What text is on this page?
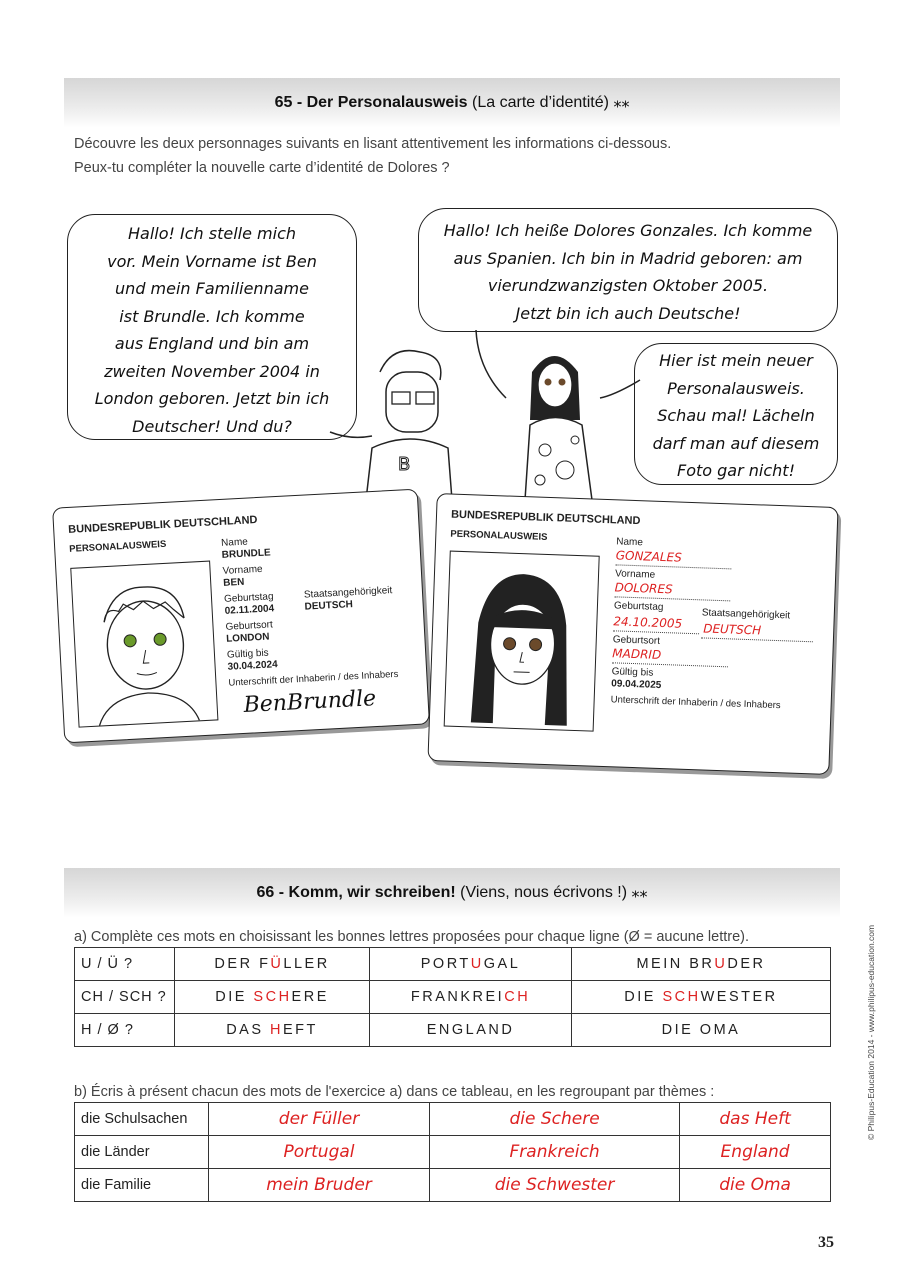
65 - Der Personalausweis (La carte d’identité) ⁎⁎
Découvre les deux personnages suivants en lisant attentivement les informations ci-dessous.
Peux-tu compléter la nouvelle carte d’identité de Dolores ?
Hallo! Ich stelle mich
vor. Mein Vorname ist Ben
und mein Familienname
ist Brundle. Ich komme
aus England und bin am
zweiten November 2004 in
London geboren. Jetzt bin ich
Deutscher! Und du?
Hallo! Ich heiße Dolores Gonzales. Ich komme
aus Spanien. Ich bin in Madrid geboren: am
vierundzwanzigsten Oktober 2005.
Jetzt bin ich auch Deutsche!
Hier ist mein neuer
Personalausweis.
Schau mal! Lächeln
darf man auf diesem
Foto gar nicht!
B
BUNDESREPUBLIK DEUTSCHLAND
PERSONALAUSWEIS	Name
BRUNDLE
Vorname
BEN
Geburtstag
02.11.2004
Staatsangehörigkeit
DEUTSCH
Geburtsort
LONDON
Gültig bis
30.04.2024
Unterschrift der Inhaberin / des Inhabers
BenBrundle
BUNDESREPUBLIK DEUTSCHLAND
PERSONALAUSWEIS	Name
GONZALES
Vorname
DOLORES
Geburtstag
24.10.2005 Staatsangehörigkeit
DEUTSCH
Geburtsort
MADRID
Gültig bis
09.04.2025
Unterschrift der Inhaberin / des Inhabers
66 - Komm, wir schreiben! (Viens, nous écrivons !) ⁎⁎
a) Complète ces mots en choisissant les bonnes lettres proposées pour chaque ligne (Ø = aucune lettre).
U / Ü ?	DER FÜLLER	PORTUGAL	MEIN BRUDER
CH / SCH ?	DIE SCHERE	FRANKREICH	DIE SCHWESTER
H / Ø ?	DAS HEFT	ENGLAND	DIE OMA
b) Écris à présent chacun des mots de l'exercice a) dans ce tableau, en les regroupant par thèmes :
die Schulsachen	der Füller	die Schere	das Heft
die Länder	Portugal	Frankreich	England
die Familie	mein Bruder	die Schwester	die Oma
© Philipus-Education 2014 - www.philipus-education.com
35
